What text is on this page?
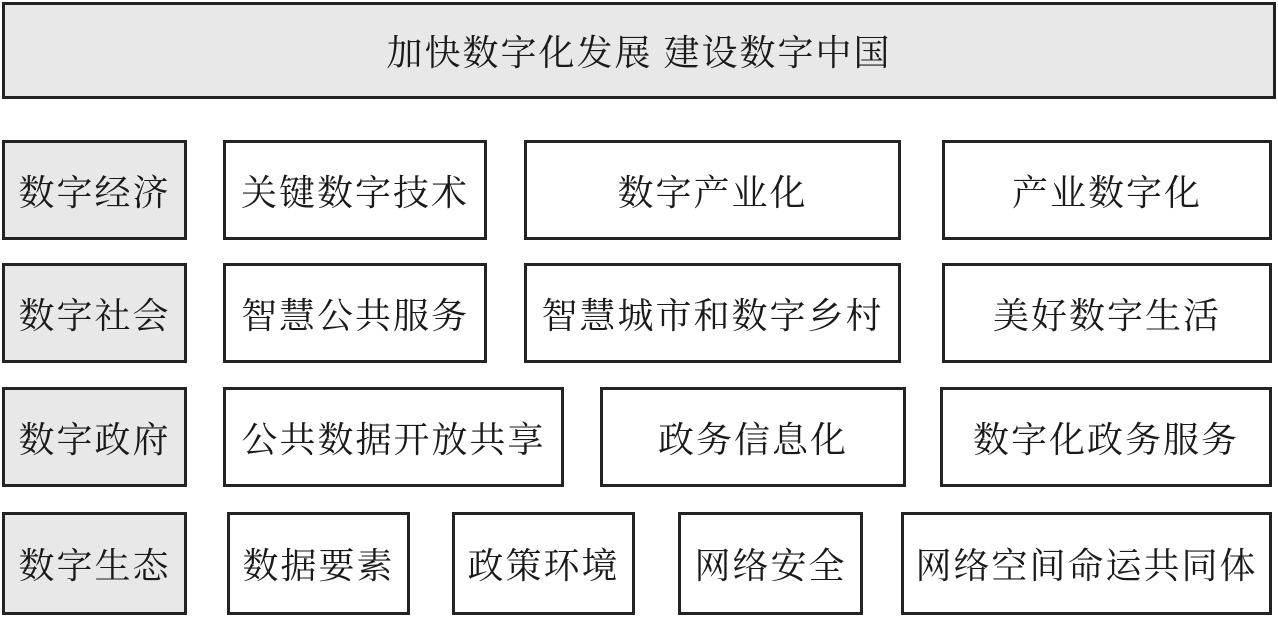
加快数字化发展 建设数字中国
数字经济 关键数字技术	数字产业化	产业数字化
数字社会 智慧公共服务 智慧城市和数字乡村	美好数字生活
数字政府 公共数据开放共享	政务信息化	数字化政务服务
数字生态 数据要素 政策环境 网络安全 网络空间命运共同体
